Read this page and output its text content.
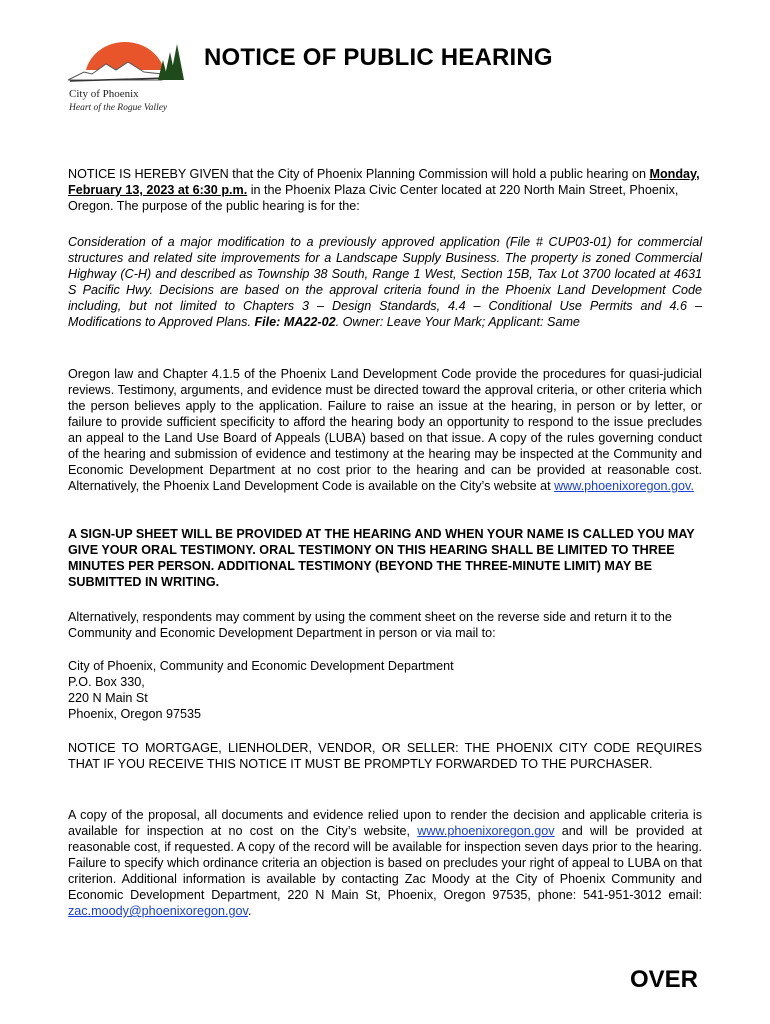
City of Phoenix
Heart of the Rogue Valley
NOTICE OF PUBLIC HEARING

NOTICE IS HEREBY GIVEN that the City of Phoenix Planning Commission will hold a public hearing on Monday, February 13, 2023 at 6:30 p.m. in the Phoenix Plaza Civic Center located at 220 North Main Street, Phoenix, Oregon. The purpose of the public hearing is for the:

Consideration of a major modification to a previously approved application (File # CUP03-01) for commercial structures and related site improvements for a Landscape Supply Business. The property is zoned Commercial Highway (C-H) and described as Township 38 South, Range 1 West, Section 15B, Tax Lot 3700 located at 4631 S Pacific Hwy. Decisions are based on the approval criteria found in the Phoenix Land Development Code including, but not limited to Chapters 3 – Design Standards, 4.4 – Conditional Use Permits and 4.6 – Modifications to Approved Plans. File: MA22-02. Owner: Leave Your Mark; Applicant: Same

Oregon law and Chapter 4.1.5 of the Phoenix Land Development Code provide the procedures for quasi-judicial reviews. Testimony, arguments, and evidence must be directed toward the approval criteria, or other criteria which the person believes apply to the application. Failure to raise an issue at the hearing, in person or by letter, or failure to provide sufficient specificity to afford the hearing body an opportunity to respond to the issue precludes an appeal to the Land Use Board of Appeals (LUBA) based on that issue. A copy of the rules governing conduct of the hearing and submission of evidence and testimony at the hearing may be inspected at the Community and Economic Development Department at no cost prior to the hearing and can be provided at reasonable cost. Alternatively, the Phoenix Land Development Code is available on the City’s website at www.phoenixoregon.gov.

A SIGN-UP SHEET WILL BE PROVIDED AT THE HEARING AND WHEN YOUR NAME IS CALLED YOU MAY GIVE YOUR ORAL TESTIMONY. ORAL TESTIMONY ON THIS HEARING SHALL BE LIMITED TO THREE MINUTES PER PERSON. ADDITIONAL TESTIMONY (BEYOND THE THREE-MINUTE LIMIT) MAY BE SUBMITTED IN WRITING.

Alternatively, respondents may comment by using the comment sheet on the reverse side and return it to the Community and Economic Development Department in person or via mail to:

City of Phoenix, Community and Economic Development Department
P.O. Box 330,
220 N Main St
Phoenix, Oregon 97535

NOTICE TO MORTGAGE, LIENHOLDER, VENDOR, OR SELLER: THE PHOENIX CITY CODE REQUIRES THAT IF YOU RECEIVE THIS NOTICE IT MUST BE PROMPTLY FORWARDED TO THE PURCHASER.

A copy of the proposal, all documents and evidence relied upon to render the decision and applicable criteria is available for inspection at no cost on the City’s website, www.phoenixoregon.gov and will be provided at reasonable cost, if requested. A copy of the record will be available for inspection seven days prior to the hearing. Failure to specify which ordinance criteria an objection is based on precludes your right of appeal to LUBA on that criterion. Additional information is available by contacting Zac Moody at the City of Phoenix Community and Economic Development Department, 220 N Main St, Phoenix, Oregon 97535, phone: 541-951-3012 email: zac.moody@phoenixoregon.gov.

OVER
